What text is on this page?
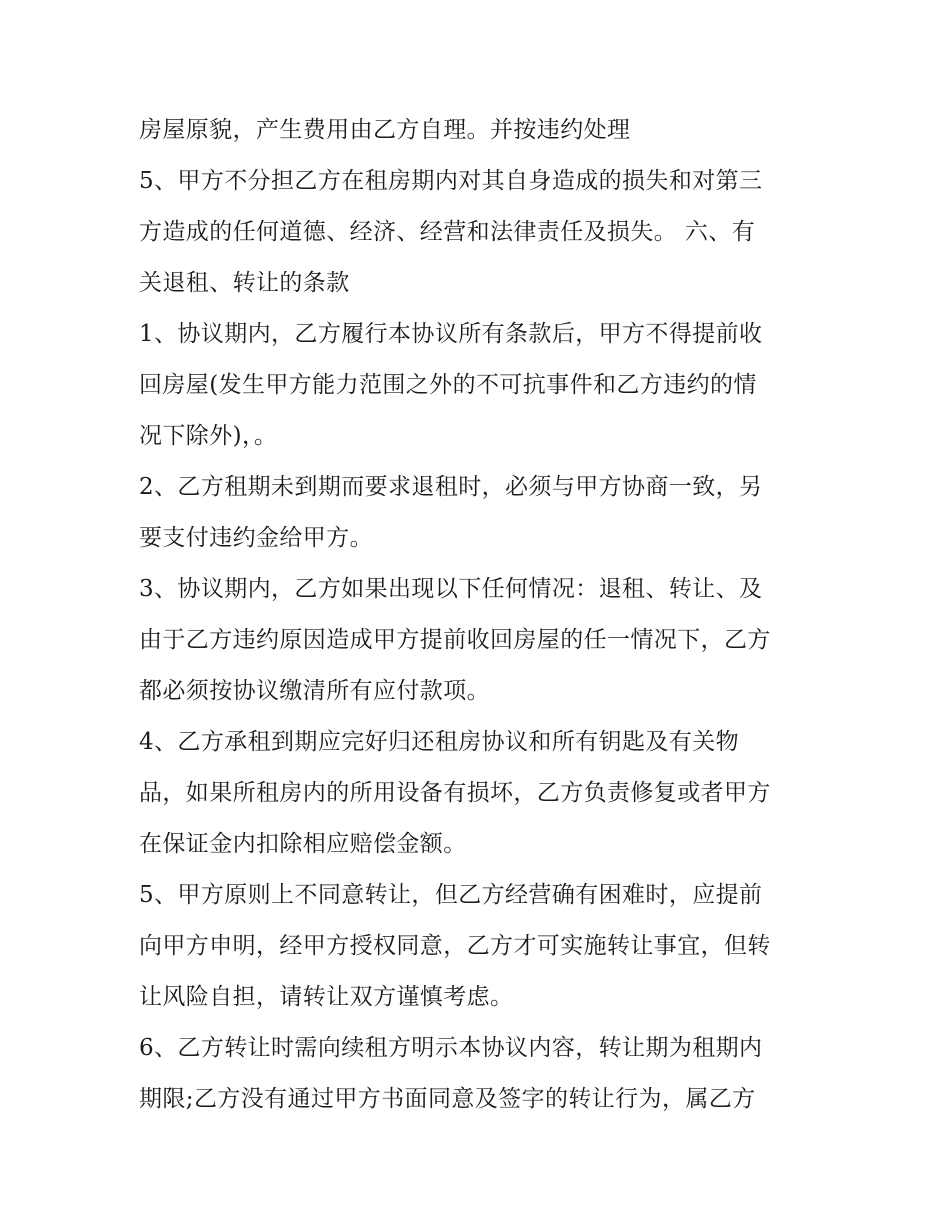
房屋原貌，产生费用由乙方自理。并按违约处理
5、甲方不分担乙方在租房期内对其自身造成的损失和对第三
方造成的任何道德、经济、经营和法律责任及损失。 六、有
关退租、转让的条款
1、协议期内，乙方履行本协议所有条款后，甲方不得提前收
回房屋(发生甲方能力范围之外的不可抗事件和乙方违约的情
况下除外)，。
2、乙方租期未到期而要求退租时，必须与甲方协商一致，另
要支付违约金给甲方。
3、协议期内，乙方如果出现以下任何情况：退租、转让、及
由于乙方违约原因造成甲方提前收回房屋的任一情况下，乙方
都必须按协议缴清所有应付款项。
4、乙方承租到期应完好归还租房协议和所有钥匙及有关物
品，如果所租房内的所用设备有损坏，乙方负责修复或者甲方
在保证金内扣除相应赔偿金额。
5、甲方原则上不同意转让，但乙方经营确有困难时，应提前
向甲方申明，经甲方授权同意，乙方才可实施转让事宜，但转
让风险自担，请转让双方谨慎考虑。
6、乙方转让时需向续租方明示本协议内容，转让期为租期内
期限;乙方没有通过甲方书面同意及签字的转让行为，属乙方
